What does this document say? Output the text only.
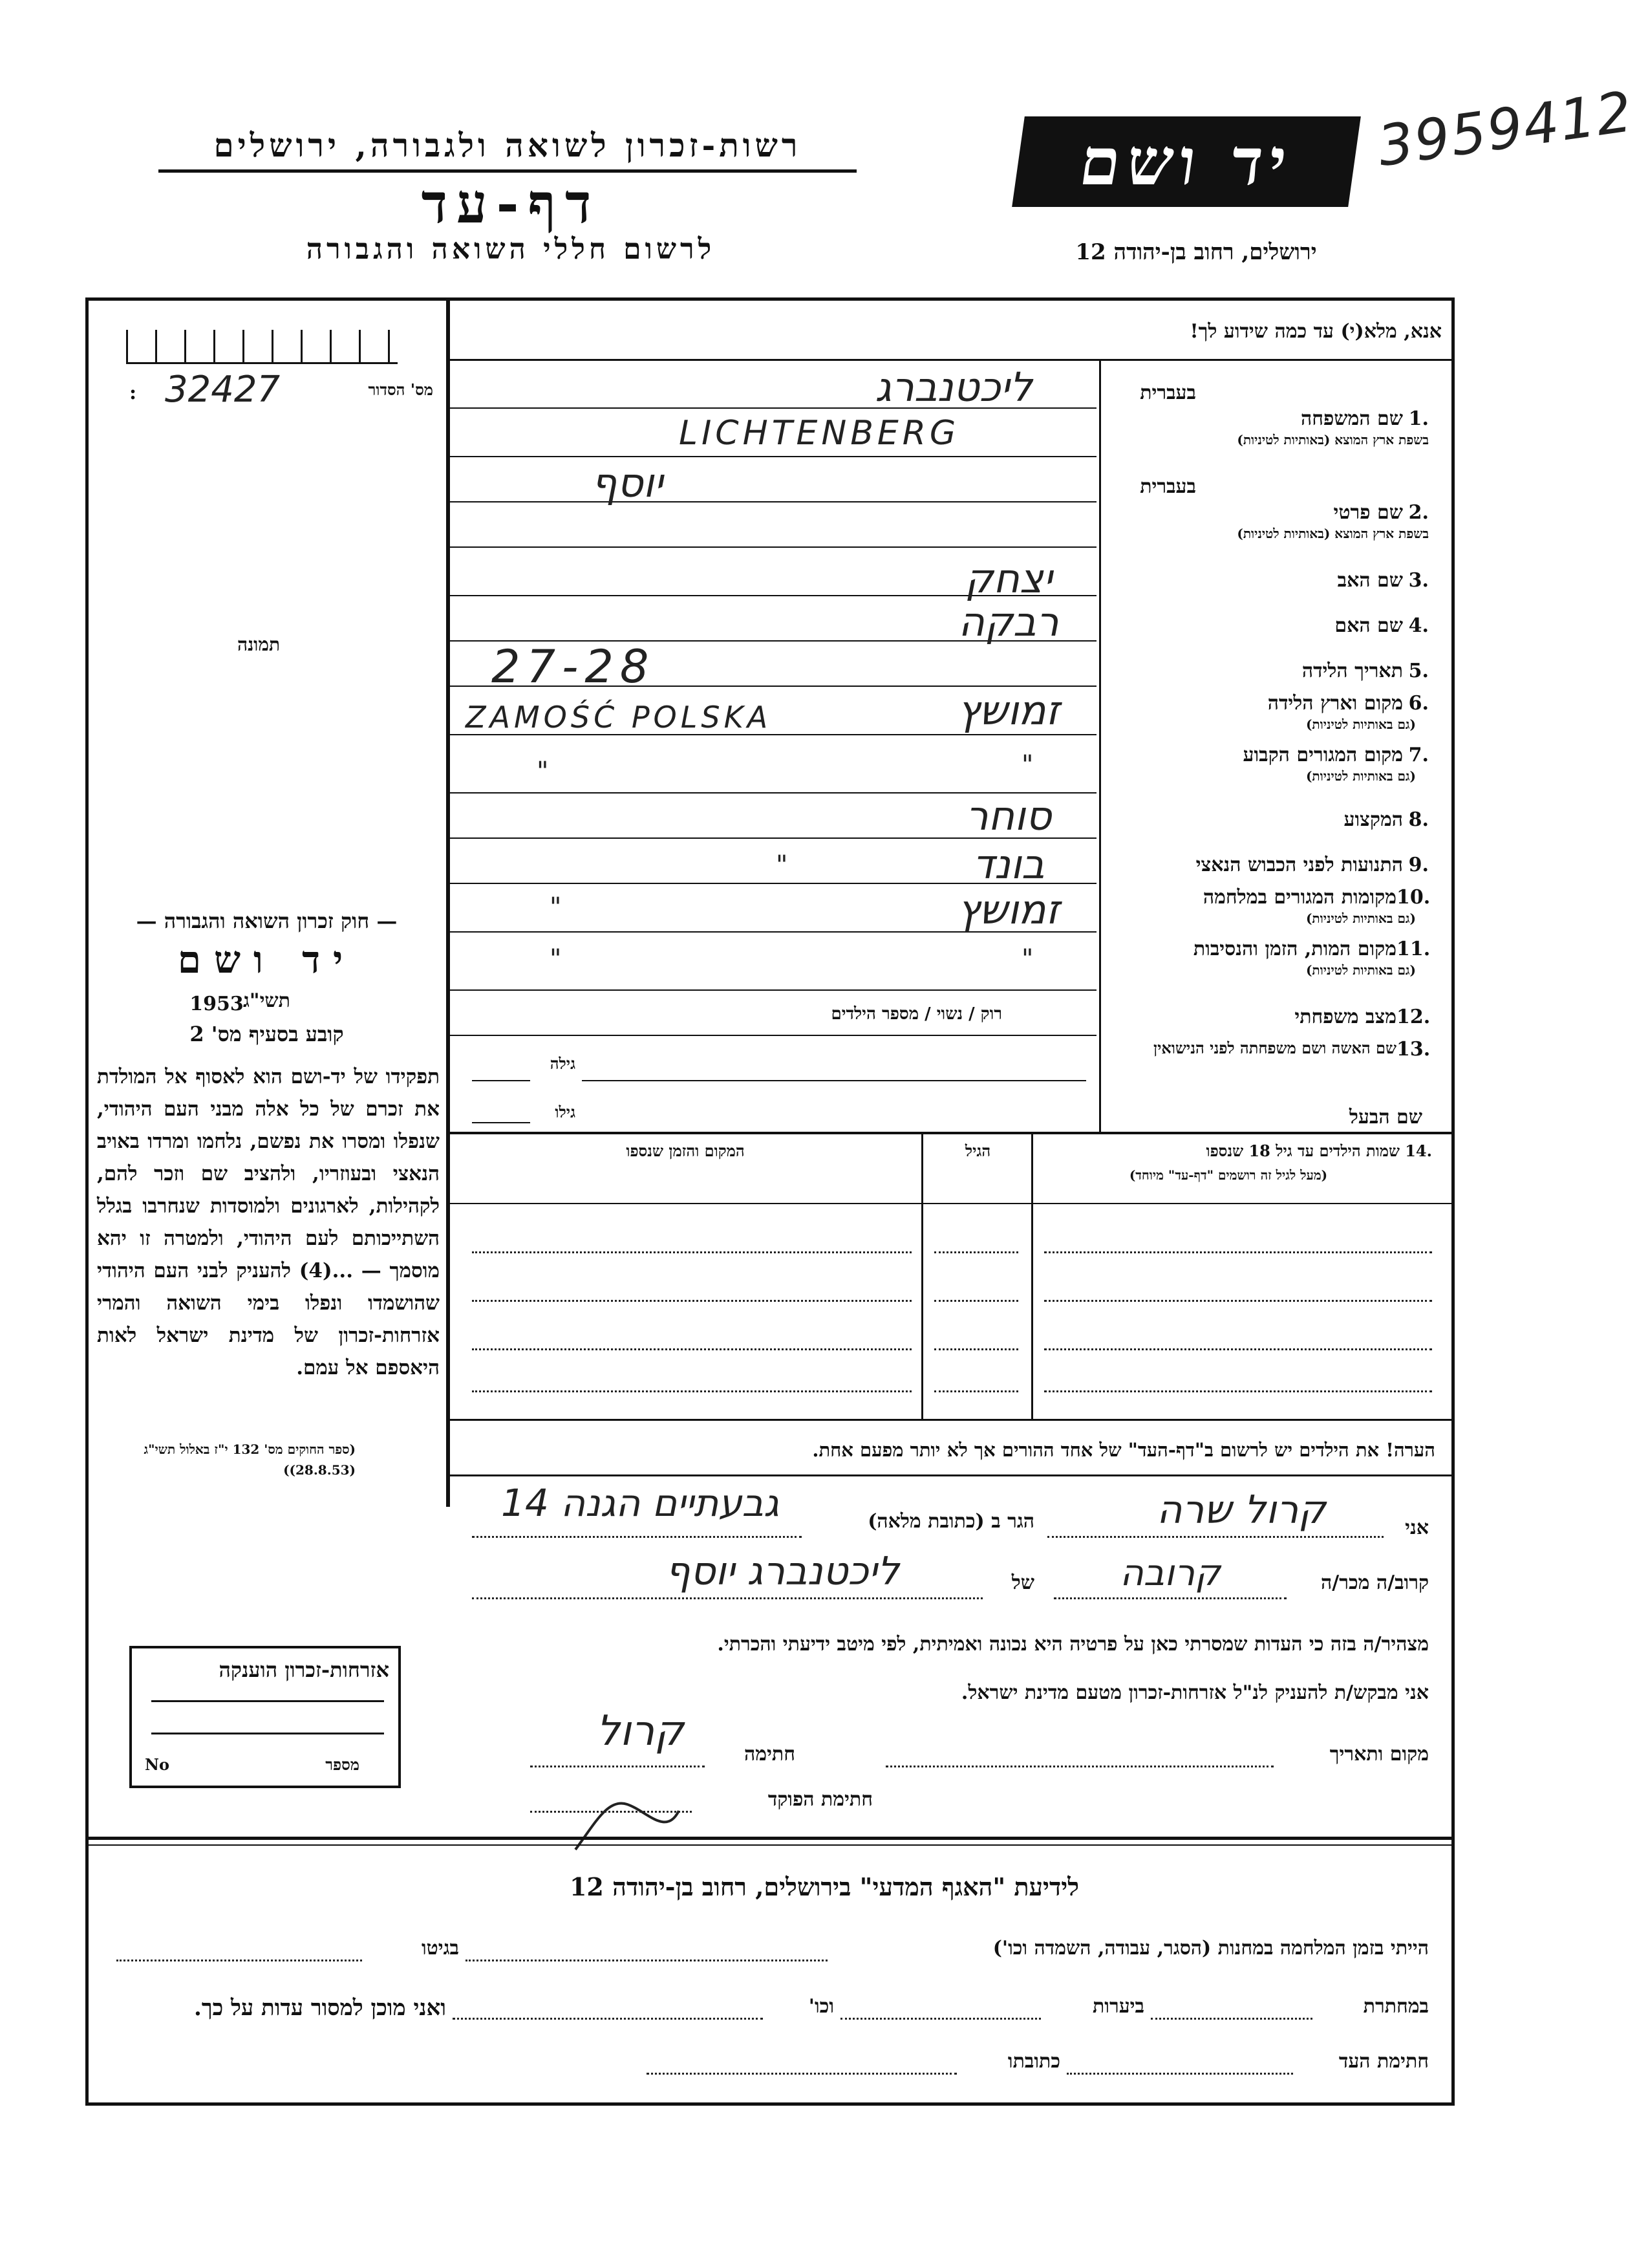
רשות-זכרון לשואה ולגבורה, ירושלים
דף-עד
לרשום חללי השואה והגבורה
יד ושם
ירושלים, רחוב בן-יהודה 12
3959412
מס' הסדור
32427
:
תמונה
— חוק זכרון השואה והגבורה —
יד ושם
תשי"ג
1953
קובע בסעיף מס' 2
תפקידו של יד-ושם הוא לאסוף אל המולדת את זכרם של כל אלה מבני העם היהודי, שנפלו ומסרו את נפשם, נלחמו ומרדו באויב הנאצי ובעוזריו, ולהציב שם וזכר להם, לקהילות, לארגונים ולמוסדות שנחרבו בגלל השתייכותם לעם היהודי, ולמטרה זו יהא מוסמך — ...(4) להעניק לבני העם היהודי שהושמדו ונפלו בימי השואה והמרי אזרחות-זכרון של מדינת ישראל לאות היאספם אל עמם.
(ספר החוקים מס' 132 י"ז באלול תשי"ג (28.8.53))
אזרחות-זכרון הוענקה
מספר
No
אנא, מלא(י) עד כמה שידוע לך!
בעברית
1.
שם המשפחה
בשפת ארץ המוצא (באותיות לטיניות)
ליכטנברג
LICHTENBERG
בעברית
2.
שם פרטי
בשפת ארץ המוצא (באותיות לטיניות)
יוסף
3.
שם האב
יצחק
4.
שם האם
רבקה
5.
תאריך הלידה
27-28
6.
מקום וארץ הלידה
(גם באותיות לטיניות)
ZAMOŚĆ POLSKA	זמושץ
7.
מקום המגורים הקבוע
(גם באותיות לטיניות)
"	"
8.
המקצוע
סוחר
9.
התנועות לפני הכבוש הנאצי
"	בונד
10.
מקומות המגורים במלחמה
(גם באותיות לטיניות)
"	זמושץ
11.
מקום המות, הזמן והנסיבות
(גם באותיות לטיניות)
"	"
12.
מצב משפחתי
רוק / נשוי / מספר הילדים
13.
שם האשה ושם משפחתה לפני הנישואין
גילה
שם הבעל
גילו
14.
שמות הילדים עד גיל 18 שנספו
(מעל לגיל זה רושמים "דף-עד" מיוחד)
הגיל
המקום והזמן שנספו
הערה! את הילדים יש לרשום ב"דף-העד" של אחד ההורים אך לא יותר מפעם אחת.
אני
קרול שרה
הגר ב (כתובת מלאה)
גבעתיים הגנה 14
קרוב/ה מכר/ה
קרובה
של
ליכטנברג יוסף
מצהיר/ה בזה כי העדות שמסרתי כאן על פרטיה היא נכונה ואמיתית, לפי מיטב ידיעתי והכרתי.
אני מבקש/ת להעניק לנ"ל אזרחות-זכרון מטעם מדינת ישראל.
מקום ותאריך
חתימה
קרול
חתימת הפוקד
לידיעת "האגף המדעי" בירושלים, רחוב בן-יהודה 12
הייתי בזמן המלחמה במחנות (הסגר, עבודה, השמדה וכו')
בגיטו
במחתרת
ביערות
וכו'
ואני מוכן למסור עדות על כך.
חתימת העד
כתובתו
